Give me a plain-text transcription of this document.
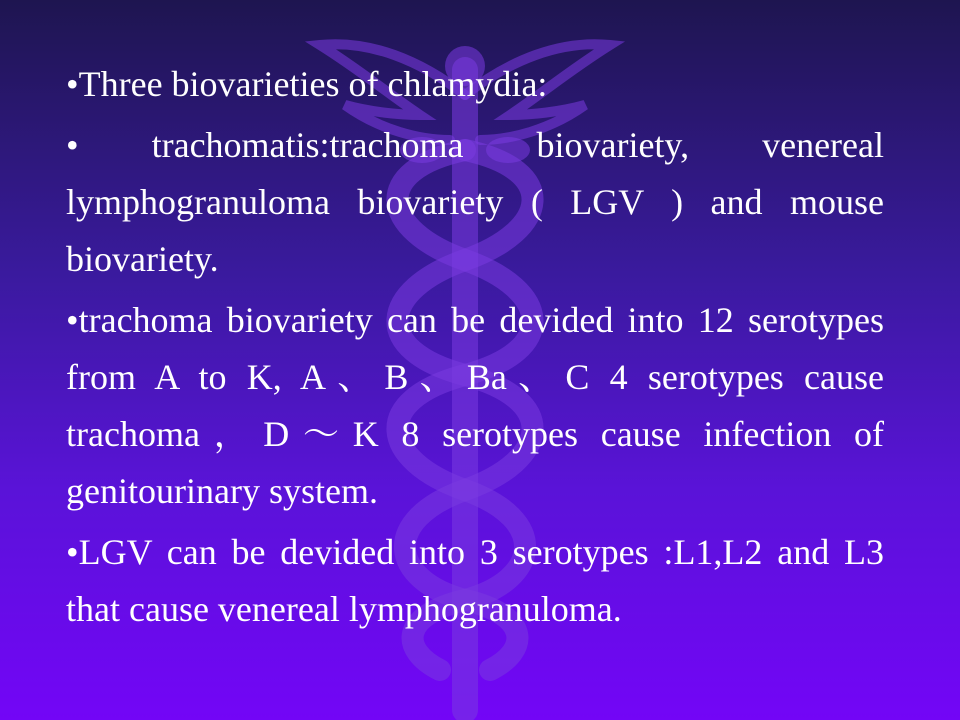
•Three biovarieties of chlamydia:

• trachomatis:trachoma biovariety, venereal lymphogranuloma biovariety ( LGV ) and mouse biovariety.

•trachoma biovariety can be devided into 12 serotypes from A to K, A、B、Ba、C 4 serotypes cause trachoma，D～K 8 serotypes cause infection of genitourinary system.

•LGV can be devided into 3 serotypes :L1,L2 and L3 that cause venereal lymphogranuloma.
